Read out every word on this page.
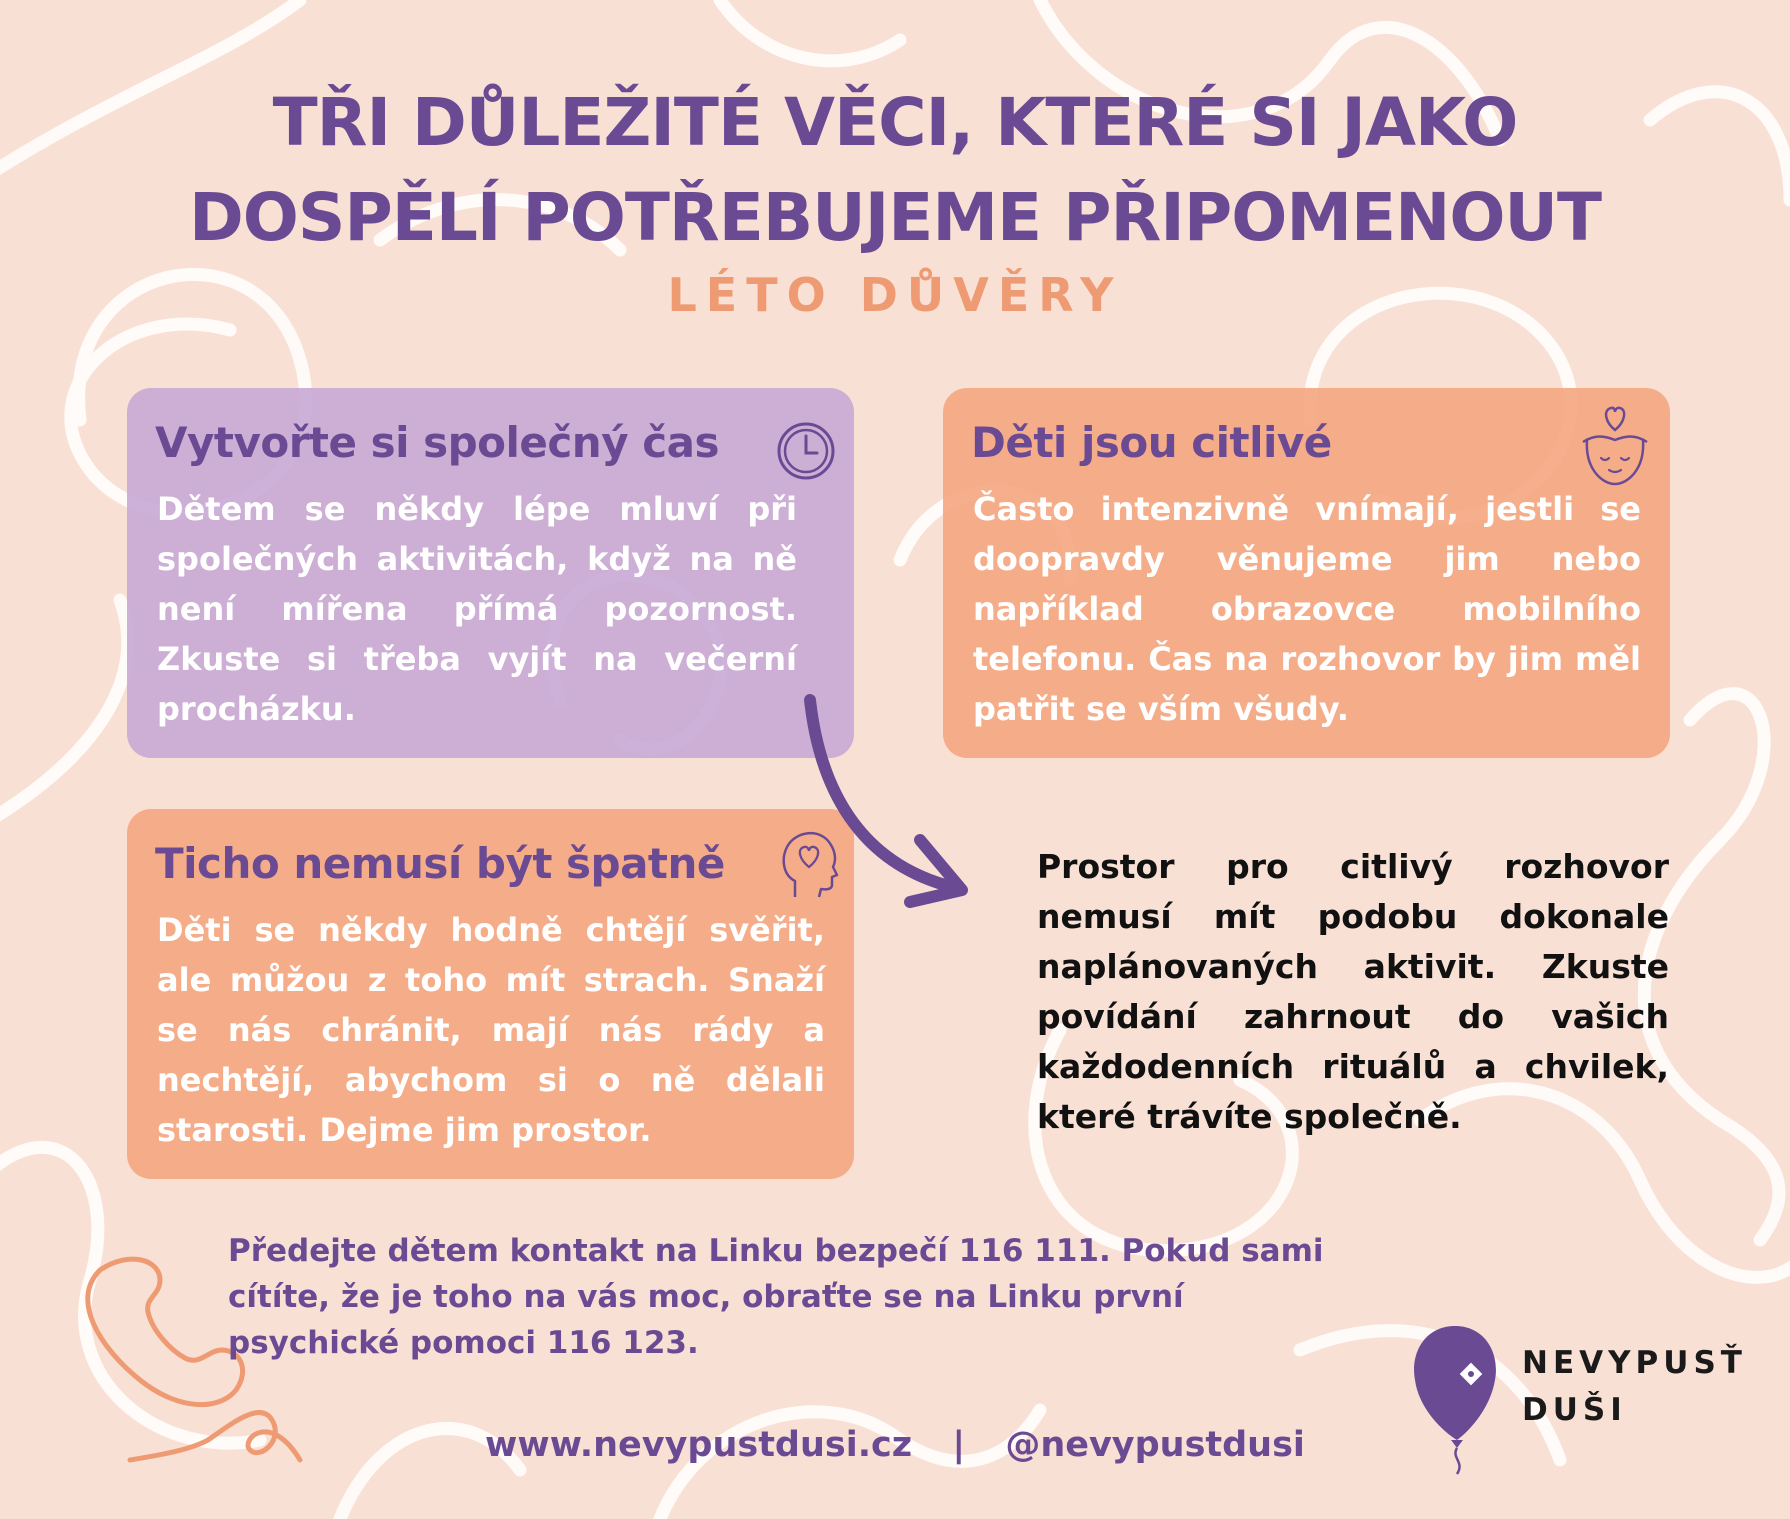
TŘI DŮLEŽITÉ VĚCI, KTERÉ SI JAKO
DOSPĚLÍ POTŘEBUJEME PŘIPOMENOUT
LÉTO DŮVĚRY
Vytvořte si společný čas
Dětem se někdy lépe mluví při společných aktivitách, když na ně není mířena přímá pozornost. Zkuste si třeba vyjít na večerní procházku.
Děti jsou citlivé
Často intenzivně vnímají, jestli se doopravdy věnujeme jim nebo například obrazovce mobilního telefonu. Čas na rozhovor by jim měl patřit se vším všudy.
Ticho nemusí být špatně
Děti se někdy hodně chtějí svěřit, ale můžou z toho mít strach. Snaží se nás chránit, mají nás rády a nechtějí, abychom si o ně dělali starosti. Dejme jim prostor.
Prostor pro citlivý rozhovor nemusí mít podobu dokonale naplánovaných aktivit. Zkuste povídání zahrnout do vašich každodenních rituálů a chvilek, které trávíte společně.
Předejte dětem kontakt na Linku bezpečí 116 111. Pokud sami cítíte, že je toho na vás moc, obraťte se na Linku první psychické pomoci 116 123.
www.nevypustdusi.cz | @nevypustdusi
NEVYPUSŤ
DUŠI
